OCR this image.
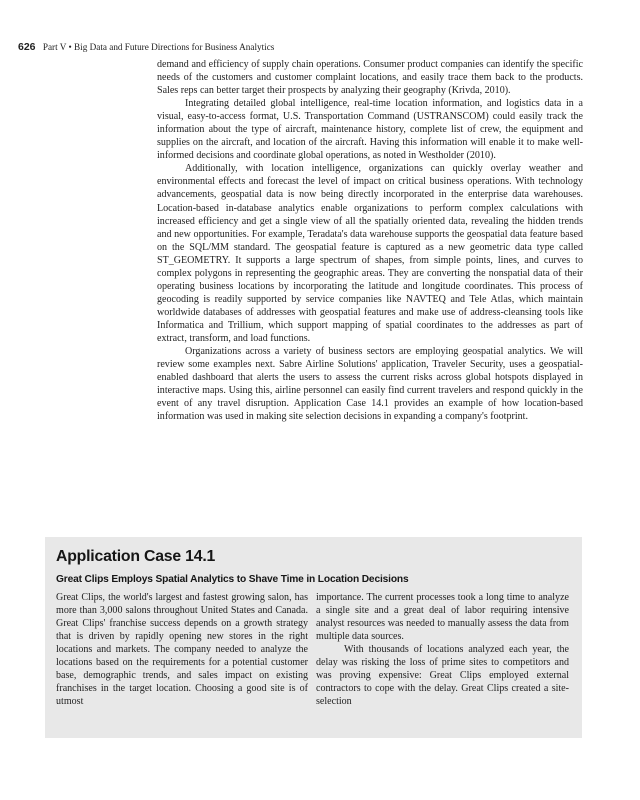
626 Part V • Big Data and Future Directions for Business Analytics

demand and efficiency of supply chain operations. Consumer product companies can identify the specific needs of the customers and customer complaint locations, and easily trace them back to the products. Sales reps can better target their prospects by analyzing their geography (Krivda, 2010).

Integrating detailed global intelligence, real-time location information, and logistics data in a visual, easy-to-access format, U.S. Transportation Command (USTRANSCOM) could easily track the information about the type of aircraft, maintenance history, complete list of crew, the equipment and supplies on the aircraft, and location of the aircraft. Having this information will enable it to make well-informed decisions and coordinate global operations, as noted in Westholder (2010).

Additionally, with location intelligence, organizations can quickly overlay weather and environmental effects and forecast the level of impact on critical business operations. With technology advancements, geospatial data is now being directly incorporated in the enterprise data warehouses. Location-based in-database analytics enable organizations to perform complex calculations with increased efficiency and get a single view of all the spatially oriented data, revealing the hidden trends and new opportunities. For example, Teradata's data warehouse supports the geospatial data feature based on the SQL/MM standard. The geospatial feature is captured as a new geometric data type called ST_GEOMETRY. It supports a large spectrum of shapes, from simple points, lines, and curves to complex polygons in representing the geographic areas. They are converting the nonspatial data of their operating business locations by incorporating the latitude and longitude coordinates. This process of geocoding is readily supported by service companies like NAVTEQ and Tele Atlas, which maintain worldwide databases of addresses with geospatial features and make use of address-cleansing tools like Informatica and Trillium, which support mapping of spatial coordinates to the addresses as part of extract, transform, and load functions.

Organizations across a variety of business sectors are employing geospatial analytics. We will review some examples next. Sabre Airline Solutions' application, Traveler Security, uses a geospatial-enabled dashboard that alerts the users to assess the current risks across global hotspots displayed in interactive maps. Using this, airline personnel can easily find current travelers and respond quickly in the event of any travel disruption. Application Case 14.1 provides an example of how location-based information was used in making site selection decisions in expanding a company's footprint.

Application Case 14.1
Great Clips Employs Spatial Analytics to Shave Time in Location Decisions

Great Clips, the world's largest and fastest growing salon, has more than 3,000 salons throughout United States and Canada. Great Clips' franchise success depends on a growth strategy that is driven by rapidly opening new stores in the right locations and markets. The company needed to analyze the locations based on the requirements for a potential customer base, demographic trends, and sales impact on existing franchises in the target location. Choosing a good site is of utmost

importance. The current processes took a long time to analyze a single site and a great deal of labor requiring intensive analyst resources was needed to manually assess the data from multiple data sources.

With thousands of locations analyzed each year, the delay was risking the loss of prime sites to competitors and was proving expensive: Great Clips employed external contractors to cope with the delay. Great Clips created a site-selection
